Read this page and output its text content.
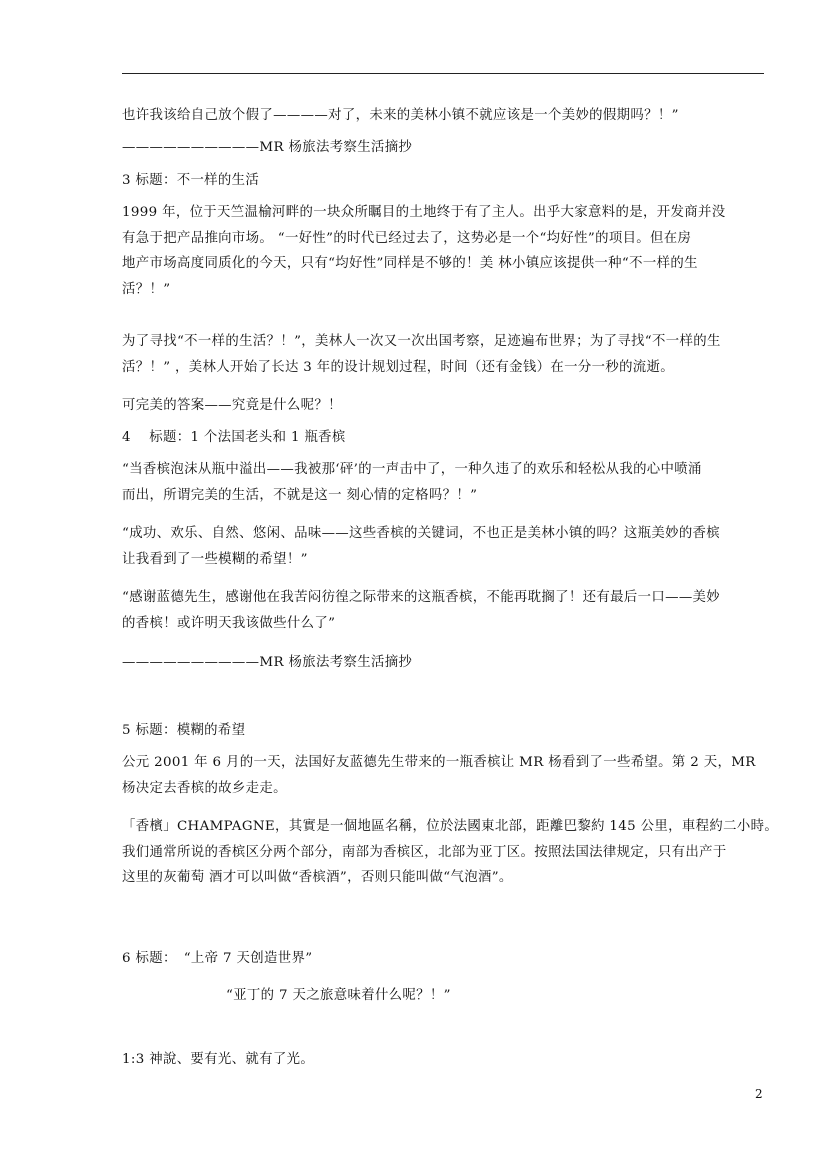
也许我该给自己放个假了————对了，未来的美林小镇不就应该是一个美妙的假期吗？！”

——————————MR 杨旅法考察生活摘抄

3 标题：不一样的生活

1999 年，位于天竺温榆河畔的一块众所瞩目的土地终于有了主人。出乎大家意料的是，开发商并没
有急于把产品推向市场。 “一好性”的时代已经过去了，这势必是一个“均好性”的项目。但在房
地产市场高度同质化的今天，只有“均好性”同样是不够的！美 林小镇应该提供一种“不一样的生
活？！”

为了寻找“不一样的生活？！”，美林人一次又一次出国考察，足迹遍布世界；为了寻找“不一样的生
活？！” ，美林人开始了长达 3 年的设计规划过程，时间（还有金钱）在一分一秒的流逝。

可完美的答案——究竟是什么呢？！

4　 标题：1 个法国老头和 1 瓶香槟

“当香槟泡沫从瓶中溢出——我被那‘砰’的一声击中了，一种久违了的欢乐和轻松从我的心中喷涌
而出，所谓完美的生活，不就是这一 刻心情的定格吗？！”

“成功、欢乐、自然、悠闲、品味——这些香槟的关键词，不也正是美林小镇的吗？这瓶美妙的香槟
让我看到了一些模糊的希望！”

“感谢蓝德先生，感谢他在我苦闷彷徨之际带来的这瓶香槟，不能再耽搁了！还有最后一口——美妙
的香槟！或许明天我该做些什么了”

——————————MR 杨旅法考察生活摘抄

5 标题：模糊的希望

公元 2001 年 6 月的一天，法国好友蓝德先生带来的一瓶香槟让 MR 杨看到了一些希望。第 2 天，MR
杨决定去香槟的故乡走走。

「香檳」CHAMPAGNE，其實是一個地區名稱，位於法國東北部，距離巴黎約 145 公里，車程約二小時。
我们通常所说的香槟区分两个部分，南部为香槟区，北部为亚丁区。按照法国法律规定，只有出产于
这里的灰葡萄 酒才可以叫做“香槟酒”，否则只能叫做“气泡酒”。

6 标题：　“上帝 7 天创造世界”

“亚丁的 7 天之旅意味着什么呢？！”

1:3 神說、要有光、就有了光。

2
